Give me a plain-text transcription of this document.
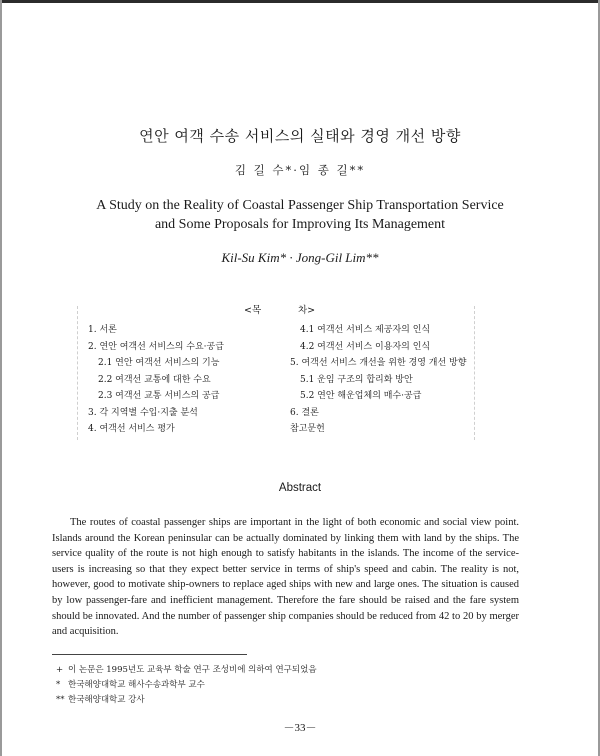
연안 여객 수송 서비스의 실태와 경영 개선 방향
김 길 수*·임 종 길**
A Study on the Reality of Coastal Passenger Ship Transportation Service
and Some Proposals for Improving Its Management
Kil-Su Kim* · Jong-Gil Lim**
<목	차>
1. 서론
2. 연안 여객선 서비스의 수요·공급
2.1 연안 여객선 서비스의 기능
2.2 여객선 교통에 대한 수요
2.3 여객선 교통 서비스의 공급
3. 각 지역별 수입·지출 분석
4. 여객선 서비스 평가
4.1 여객선 서비스 제공자의 인식
4.2 여객선 서비스 이용자의 인식
5. 여객선 서비스 개선을 위한 경영 개선 방향
5.1 운임 구조의 합리화 방안
5.2 연안 해운업체의 매수·공급
6. 결론
참고문헌
Abstract

The routes of coastal passenger ships are important in the light of both economic and social view point. Islands around the Korean peninsular can be actually dominated by linking them with land by the ships. The service quality of the route is not high enough to satisfy habitants in the islands. The income of the service-users is increasing so that they expect better service in terms of ship's speed and cabin. The reality is not, however, good to motivate ship-owners to replace aged ships with new and large ones. The situation is caused by low passenger-fare and inefficient management. Therefore the fare should be raised and the fare system should be innovated. And the number of passenger ship companies should be reduced from 42 to 20 by merger and acquisition.

+ 이 논문은 1995년도 교육부 학술 연구 조성비에 의하여 연구되었음
* 한국해양대학교 해사수송과학부 교수
** 한국해양대학교 강사
－33－
